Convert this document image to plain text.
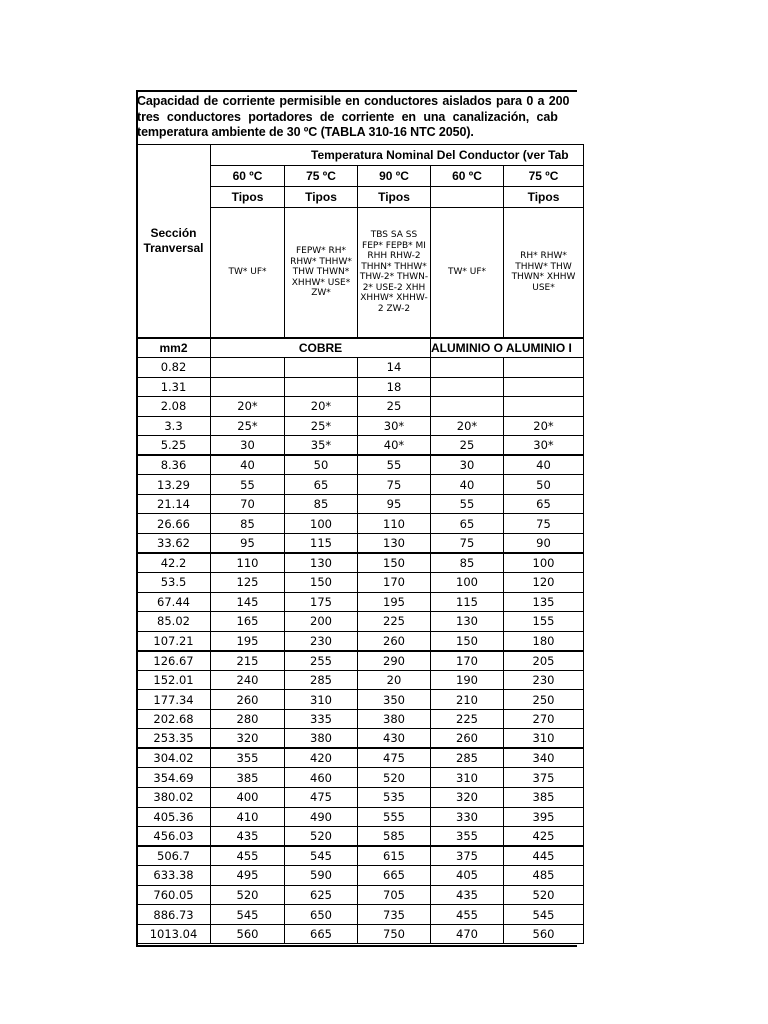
Capacidad de corriente permisible en conductores aislados para 0 a 200
tres conductores portadores de corriente en una canalización, cab
temperatura ambiente de 30 ºC (TABLA 310-16 NTC 2050).
Sección Tranversal	Temperatura Nominal Del Conductor (ver Tab				
	60 ºC	75 ºC	90 ºC	60 ºC	75 ºC
	Tipos	Tipos	Tipos		Tipos
	TW* UF*	FEPW* RH* RHW* THHW* THW THWN* XHHW* USE* ZW*	TBS SA SS FEP* FEPB* MI RHH RHW-2 THHN* THHW* THW-2* THWN-2* USE-2 XHH XHHW* XHHW-2 ZW-2	TW* UF*	RH* RHW* THHW* THW THWN* XHHW USE*
mm2	COBRE			ALUMINIO O ALUMINIO I	
0.82			14		
1.31			18		
2.08	20*	20*	25		
3.3	25*	25*	30*	20*	20*
5.25	30	35*	40*	25	30*
8.36	40	50	55	30	40
13.29	55	65	75	40	50
21.14	70	85	95	55	65
26.66	85	100	110	65	75
33.62	95	115	130	75	90
42.2	110	130	150	85	100
53.5	125	150	170	100	120
67.44	145	175	195	115	135
85.02	165	200	225	130	155
107.21	195	230	260	150	180
126.67	215	255	290	170	205
152.01	240	285	20	190	230
177.34	260	310	350	210	250
202.68	280	335	380	225	270
253.35	320	380	430	260	310
304.02	355	420	475	285	340
354.69	385	460	520	310	375
380.02	400	475	535	320	385
405.36	410	490	555	330	395
456.03	435	520	585	355	425
506.7	455	545	615	375	445
633.38	495	590	665	405	485
760.05	520	625	705	435	520
886.73	545	650	735	455	545
1013.04	560	665	750	470	560
